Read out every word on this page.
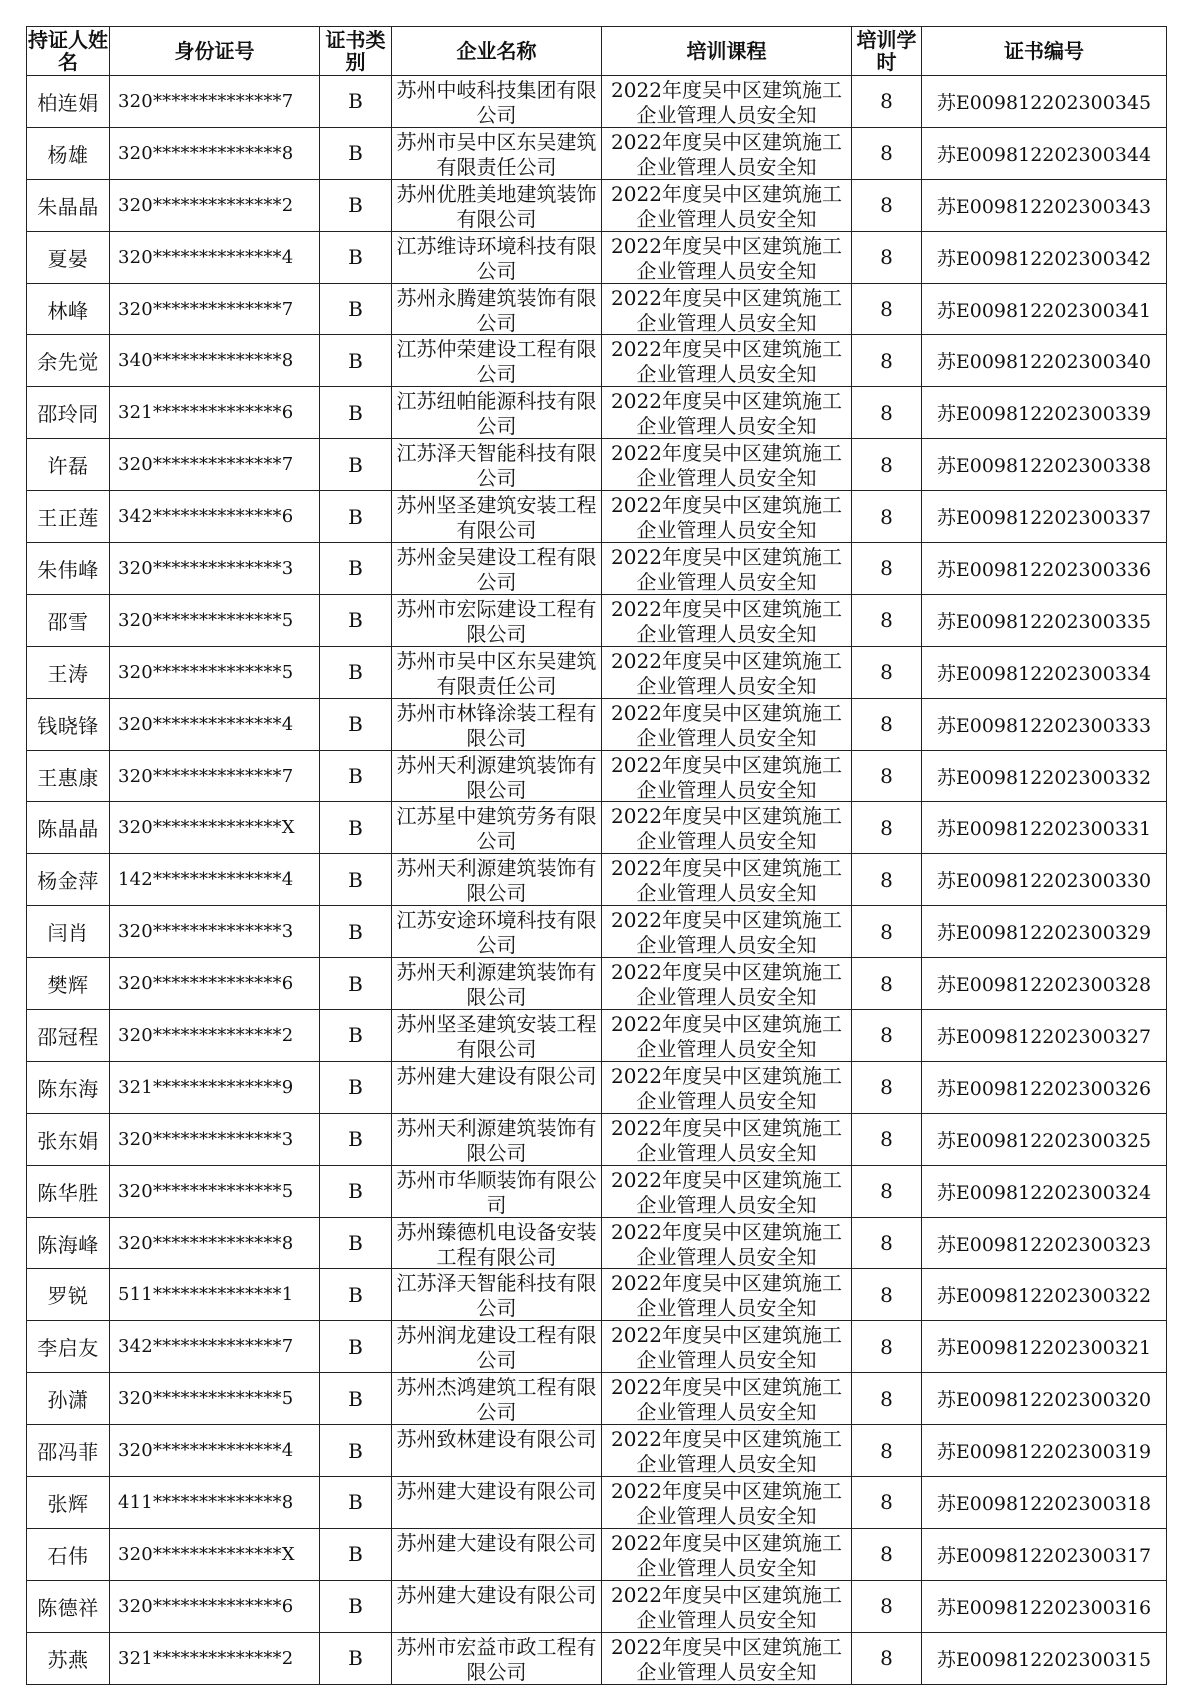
持证人姓名	身份证号	证书类别	企业名称	培训课程	培训学时	证书编号
柏连娟	320**************7	B	苏州中岐科技集团有限公司	2022年度吴中区建筑施工企业管理人员安全知	8	苏E009812202300345
杨雄	320**************8	B	苏州市吴中区东吴建筑有限责任公司	2022年度吴中区建筑施工企业管理人员安全知	8	苏E009812202300344
朱晶晶	320**************2	B	苏州优胜美地建筑装饰有限公司	2022年度吴中区建筑施工企业管理人员安全知	8	苏E009812202300343
夏晏	320**************4	B	江苏维诗环境科技有限公司	2022年度吴中区建筑施工企业管理人员安全知	8	苏E009812202300342
林峰	320**************7	B	苏州永腾建筑装饰有限公司	2022年度吴中区建筑施工企业管理人员安全知	8	苏E009812202300341
余先觉	340**************8	B	江苏仲荣建设工程有限公司	2022年度吴中区建筑施工企业管理人员安全知	8	苏E009812202300340
邵玲同	321**************6	B	江苏纽帕能源科技有限公司	2022年度吴中区建筑施工企业管理人员安全知	8	苏E009812202300339
许磊	320**************7	B	江苏泽天智能科技有限公司	2022年度吴中区建筑施工企业管理人员安全知	8	苏E009812202300338
王正莲	342**************6	B	苏州坚圣建筑安装工程有限公司	2022年度吴中区建筑施工企业管理人员安全知	8	苏E009812202300337
朱伟峰	320**************3	B	苏州金吴建设工程有限公司	2022年度吴中区建筑施工企业管理人员安全知	8	苏E009812202300336
邵雪	320**************5	B	苏州市宏际建设工程有限公司	2022年度吴中区建筑施工企业管理人员安全知	8	苏E009812202300335
王涛	320**************5	B	苏州市吴中区东吴建筑有限责任公司	2022年度吴中区建筑施工企业管理人员安全知	8	苏E009812202300334
钱晓锋	320**************4	B	苏州市林锋涂装工程有限公司	2022年度吴中区建筑施工企业管理人员安全知	8	苏E009812202300333
王惠康	320**************7	B	苏州天利源建筑装饰有限公司	2022年度吴中区建筑施工企业管理人员安全知	8	苏E009812202300332
陈晶晶	320**************X	B	江苏星中建筑劳务有限公司	2022年度吴中区建筑施工企业管理人员安全知	8	苏E009812202300331
杨金萍	142**************4	B	苏州天利源建筑装饰有限公司	2022年度吴中区建筑施工企业管理人员安全知	8	苏E009812202300330
闫肖	320**************3	B	江苏安途环境科技有限公司	2022年度吴中区建筑施工企业管理人员安全知	8	苏E009812202300329
樊辉	320**************6	B	苏州天利源建筑装饰有限公司	2022年度吴中区建筑施工企业管理人员安全知	8	苏E009812202300328
邵冠程	320**************2	B	苏州坚圣建筑安装工程有限公司	2022年度吴中区建筑施工企业管理人员安全知	8	苏E009812202300327
陈东海	321**************9	B	苏州建大建设有限公司	2022年度吴中区建筑施工企业管理人员安全知	8	苏E009812202300326
张东娟	320**************3	B	苏州天利源建筑装饰有限公司	2022年度吴中区建筑施工企业管理人员安全知	8	苏E009812202300325
陈华胜	320**************5	B	苏州市华顺装饰有限公司	2022年度吴中区建筑施工企业管理人员安全知	8	苏E009812202300324
陈海峰	320**************8	B	苏州臻德机电设备安装工程有限公司	2022年度吴中区建筑施工企业管理人员安全知	8	苏E009812202300323
罗锐	511**************1	B	江苏泽天智能科技有限公司	2022年度吴中区建筑施工企业管理人员安全知	8	苏E009812202300322
李启友	342**************7	B	苏州润龙建设工程有限公司	2022年度吴中区建筑施工企业管理人员安全知	8	苏E009812202300321
孙潇	320**************5	B	苏州杰鸿建筑工程有限公司	2022年度吴中区建筑施工企业管理人员安全知	8	苏E009812202300320
邵冯菲	320**************4	B	苏州致林建设有限公司	2022年度吴中区建筑施工企业管理人员安全知	8	苏E009812202300319
张辉	411**************8	B	苏州建大建设有限公司	2022年度吴中区建筑施工企业管理人员安全知	8	苏E009812202300318
石伟	320**************X	B	苏州建大建设有限公司	2022年度吴中区建筑施工企业管理人员安全知	8	苏E009812202300317
陈德祥	320**************6	B	苏州建大建设有限公司	2022年度吴中区建筑施工企业管理人员安全知	8	苏E009812202300316
苏燕	321**************2	B	苏州市宏益市政工程有限公司	2022年度吴中区建筑施工企业管理人员安全知	8	苏E009812202300315
